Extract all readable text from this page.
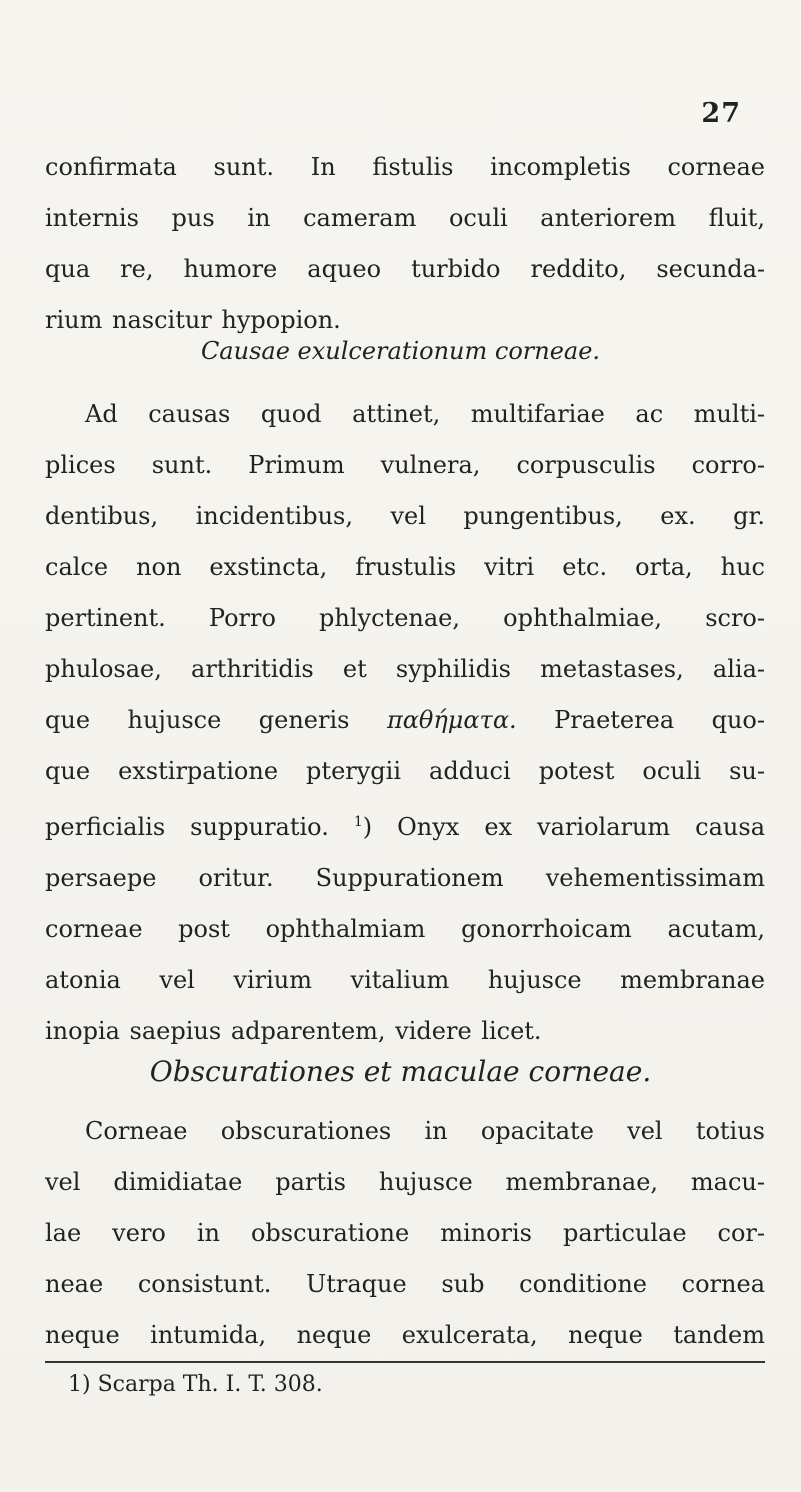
27
confirmata sunt. In fistulis incompletis corneae
internis pus in cameram oculi anteriorem fluit,
qua re, humore aqueo turbido reddito, secunda-
rium nascitur hypopion.
Causae exulcerationum corneae.
Ad causas quod attinet, multifariae ac multi-
plices sunt. Primum vulnera, corpusculis corro-
dentibus, incidentibus, vel pungentibus, ex. gr.
calce non exstincta, frustulis vitri etc. orta, huc
pertinent. Porro phlyctenae, ophthalmiae, scro-
phulosae, arthritidis et syphilidis metastases, alia-
que hujusce generis παθήματα. Praeterea quo-
que exstirpatione pterygii adduci potest oculi su-
perficialis suppuratio. $^1$) Onyx ex variolarum causa
persaepe oritur. Suppurationem vehementissimam
corneae post ophthalmiam gonorrhoicam acutam,
atonia vel virium vitalium hujusce membranae
inopia saepius adparentem, videre licet.
Obscurationes et maculae corneae.
Corneae obscurationes in opacitate vel totius
vel dimidiatae partis hujusce membranae, macu-
lae vero in obscuratione minoris particulae cor-
neae consistunt. Utraque sub conditione cornea
neque intumida, neque exulcerata, neque tandem
1) Scarpa Th. I. T. 308.
